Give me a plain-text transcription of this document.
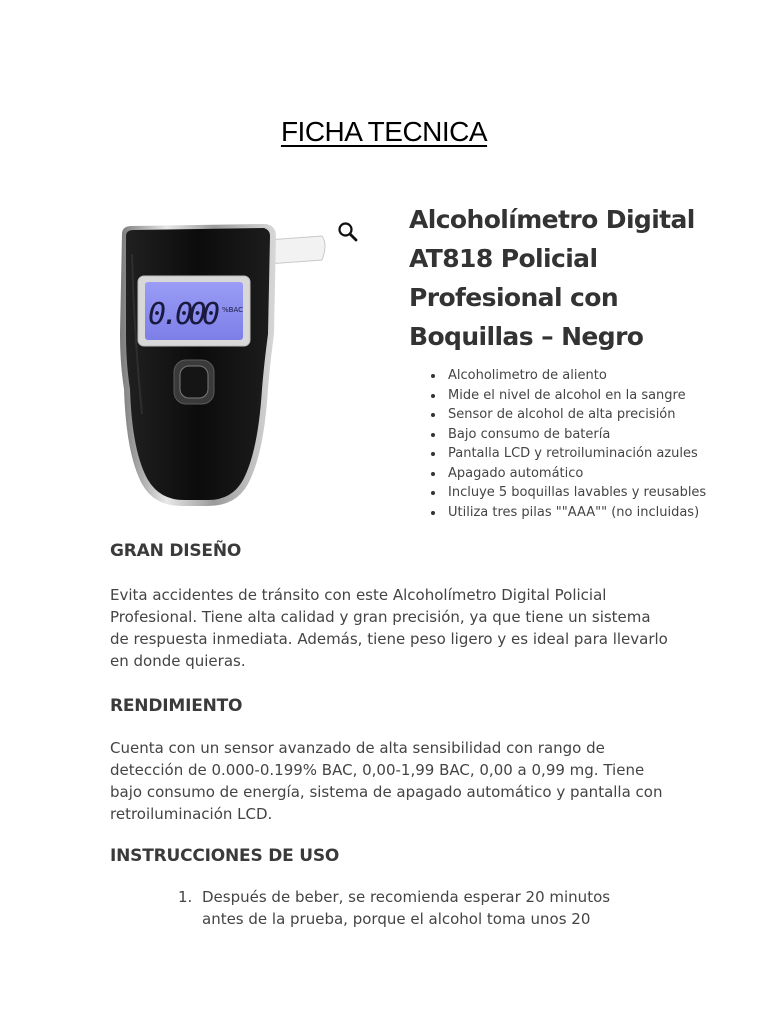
FICHA TECNICA
0.000 %BAC
Alcoholímetro Digital AT818 Policial Profesional con Boquillas – Negro
Alcoholimetro de aliento
Mide el nivel de alcohol en la sangre
Sensor de alcohol de alta precisión
Bajo consumo de batería
Pantalla LCD y retroiluminación azules
Apagado automático
Incluye 5 boquillas lavables y reusables
Utiliza tres pilas ""AAA"" (no incluidas)
GRAN DISEÑO

Evita accidentes de tránsito con este Alcoholímetro Digital Policial Profesional. Tiene alta calidad y gran precisión, ya que tiene un sistema de respuesta inmediata. Además, tiene peso ligero y es ideal para llevarlo en donde quieras.

RENDIMIENTO

Cuenta con un sensor avanzado de alta sensibilidad con rango de detección de 0.000-0.199% BAC, 0,00-1,99 BAC, 0,00 a 0,99 mg. Tiene bajo consumo de energía, sistema de apagado automático y pantalla con retroiluminación LCD.

INSTRUCCIONES DE USO
1. Después de beber, se recomienda esperar 20 minutos antes de la prueba, porque el alcohol toma unos 20
